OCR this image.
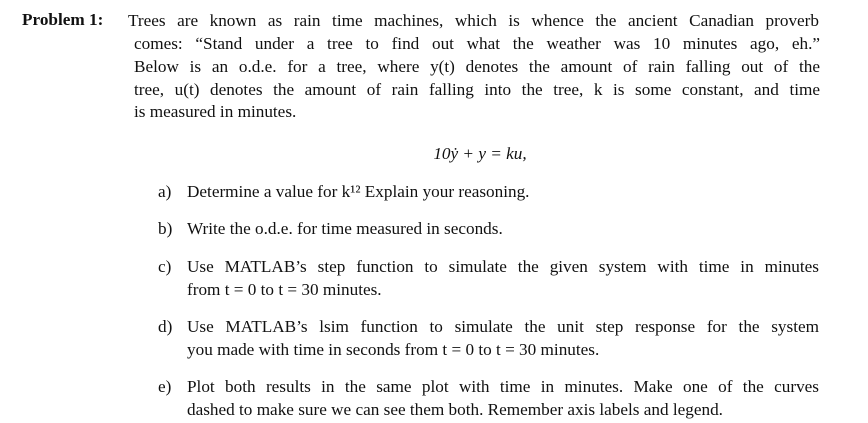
Problem 1: Trees are known as rain time machines, which is whence the ancient Canadian proverb
comes: “Stand under a tree to find out what the weather was 10 minutes ago, eh.”
Below is an o.d.e. for a tree, where y(t) denotes the amount of rain falling out of the
tree, u(t) denotes the amount of rain falling into the tree, k is some constant, and time
is measured in minutes.
10ẏ + y = ku,
a) Determine a value for k¹² Explain your reasoning.
b) Write the o.d.e. for time measured in seconds.
c) Use MATLAB’s step function to simulate the given system with time in minutes
from t = 0 to t = 30 minutes.
d) Use MATLAB’s lsim function to simulate the unit step response for the system
you made with time in seconds from t = 0 to t = 30 minutes.
e) Plot both results in the same plot with time in minutes. Make one of the curves
dashed to make sure we can see them both. Remember axis labels and legend.
